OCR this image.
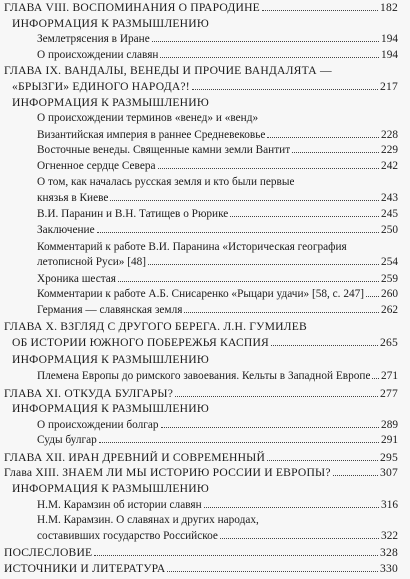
ГЛАВА VIII. ВОСПОМИНАНИЯ О ПРАРОДИНЕ	182
ИНФОРМАЦИЯ К РАЗМЫШЛЕНИЮ
Землетрясения в Иране	194
О происхождении славян	194
ГЛАВА IX. ВАНДАЛЫ, ВЕНЕДЫ И ПРОЧИЕ ВАНДАЛЯТА —
«БРЫЗГИ» ЕДИНОГО НАРОДА?!	217
ИНФОРМАЦИЯ К РАЗМЫШЛЕНИЮ
О происхождении терминов «венед» и «венд»
Византийская империя в раннее Средневековье	228
Восточные венеды. Священные камни земли Вантит	229
Огненное сердце Севера	242
О том, как началась русская земля и кто были первые
князья в Киеве	243
В.И. Паранин и В.Н. Татищев о Рюрике	245
Заключение	250
Комментарий к работе В.И. Паранина «Историческая география
летописной Руси» [48]	254
Хроника шестая	259
Комментарии к работе А.Б. Снисаренко «Рыцари удачи» [58, с. 247] 260
Германия — славянская земля	262
ГЛАВА X. ВЗГЛЯД С ДРУГОГО БЕРЕГА. Л.Н. ГУМИЛЕВ
ОБ ИСТОРИИ ЮЖНОГО ПОБЕРЕЖЬЯ КАСПИЯ	265
ИНФОРМАЦИЯ К РАЗМЫШЛЕНИЮ
Племена Европы до римского завоевания. Кельты в Западной Европе 271
ГЛАВА XI. ОТКУДА БУЛГАРЫ?	277
ИНФОРМАЦИЯ К РАЗМЫШЛЕНИЮ
О происхождении болгар	289
Суды булгар	291
ГЛАВА XII. ИРАН ДРЕВНИЙ И СОВРЕМЕННЫЙ	295
Глава XIII. ЗНАЕМ ЛИ МЫ ИСТОРИЮ РОССИИ И ЕВРОПЫ?	307
ИНФОРМАЦИЯ К РАЗМЫШЛЕНИЮ
Н.М. Карамзин об истории славян	316
Н.М. Карамзин. О славянах и других народах,
составивших государство Российское	322
ПОСЛЕСЛОВИЕ	328
ИСТОЧНИКИ И ЛИТЕРАТУРА	330
